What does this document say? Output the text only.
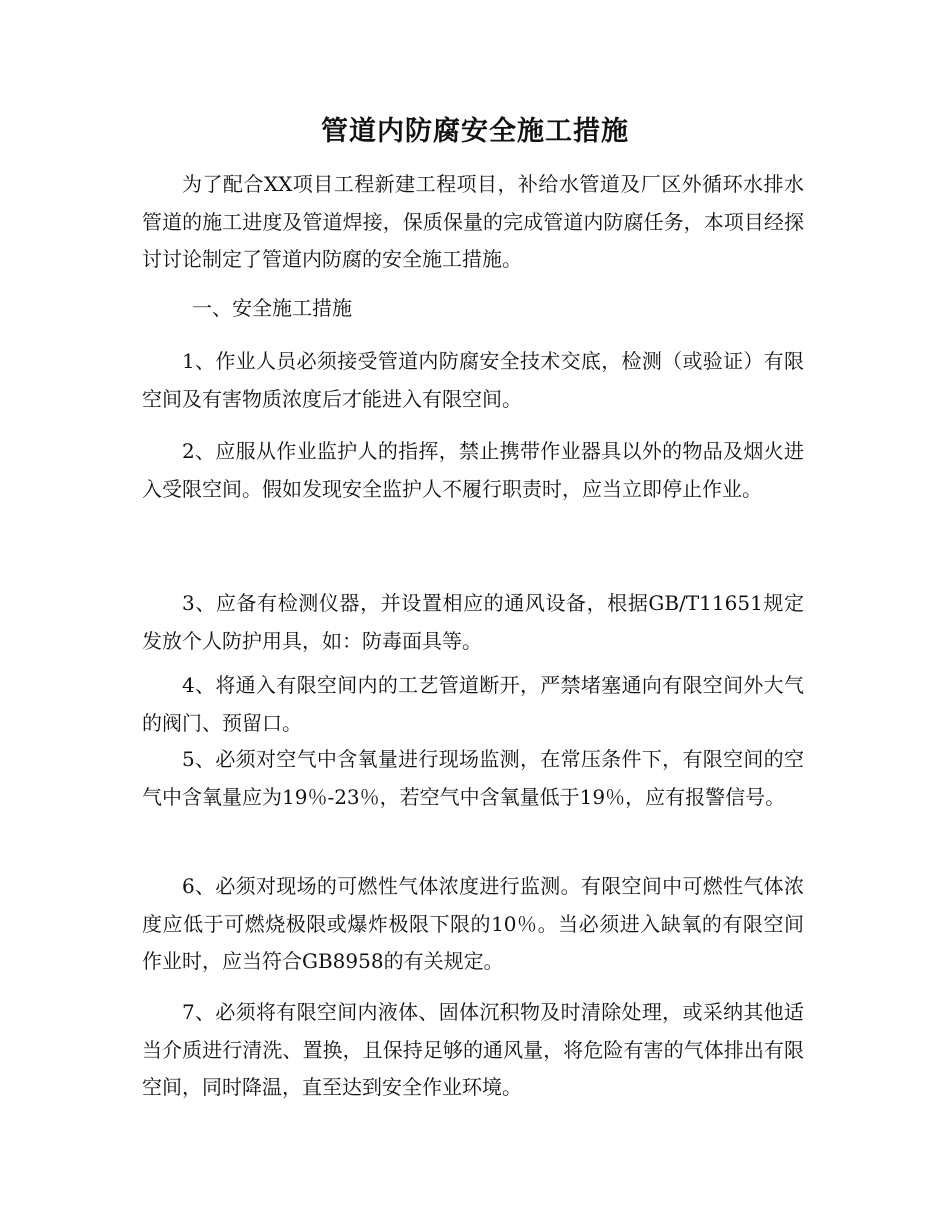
管道内防腐安全施工措施

为了配合XX项目工程新建工程项目，补给水管道及厂区外循环水排水管道的施工进度及管道焊接，保质保量的完成管道内防腐任务，本项目经探讨讨论制定了管道内防腐的安全施工措施。

一、安全施工措施

1、作业人员必须接受管道内防腐安全技术交底，检测（或验证）有限空间及有害物质浓度后才能进入有限空间。

2、应服从作业监护人的指挥，禁止携带作业器具以外的物品及烟火进入受限空间。假如发现安全监护人不履行职责时，应当立即停止作业。

3、应备有检测仪器，并设置相应的通风设备，根据GB/T11651规定发放个人防护用具，如：防毒面具等。

4、将通入有限空间内的工艺管道断开，严禁堵塞通向有限空间外大气的阀门、预留口。

5、必须对空气中含氧量进行现场监测，在常压条件下，有限空间的空气中含氧量应为19％-23％，若空气中含氧量低于19％，应有报警信号。

6、必须对现场的可燃性气体浓度进行监测。有限空间中可燃性气体浓度应低于可燃烧极限或爆炸极限下限的10％。当必须进入缺氧的有限空间作业时，应当符合GB8958的有关规定。

7、必须将有限空间内液体、固体沉积物及时清除处理，或采纳其他适当介质进行清洗、置换，且保持足够的通风量，将危险有害的气体排出有限空间，同时降温，直至达到安全作业环境。
